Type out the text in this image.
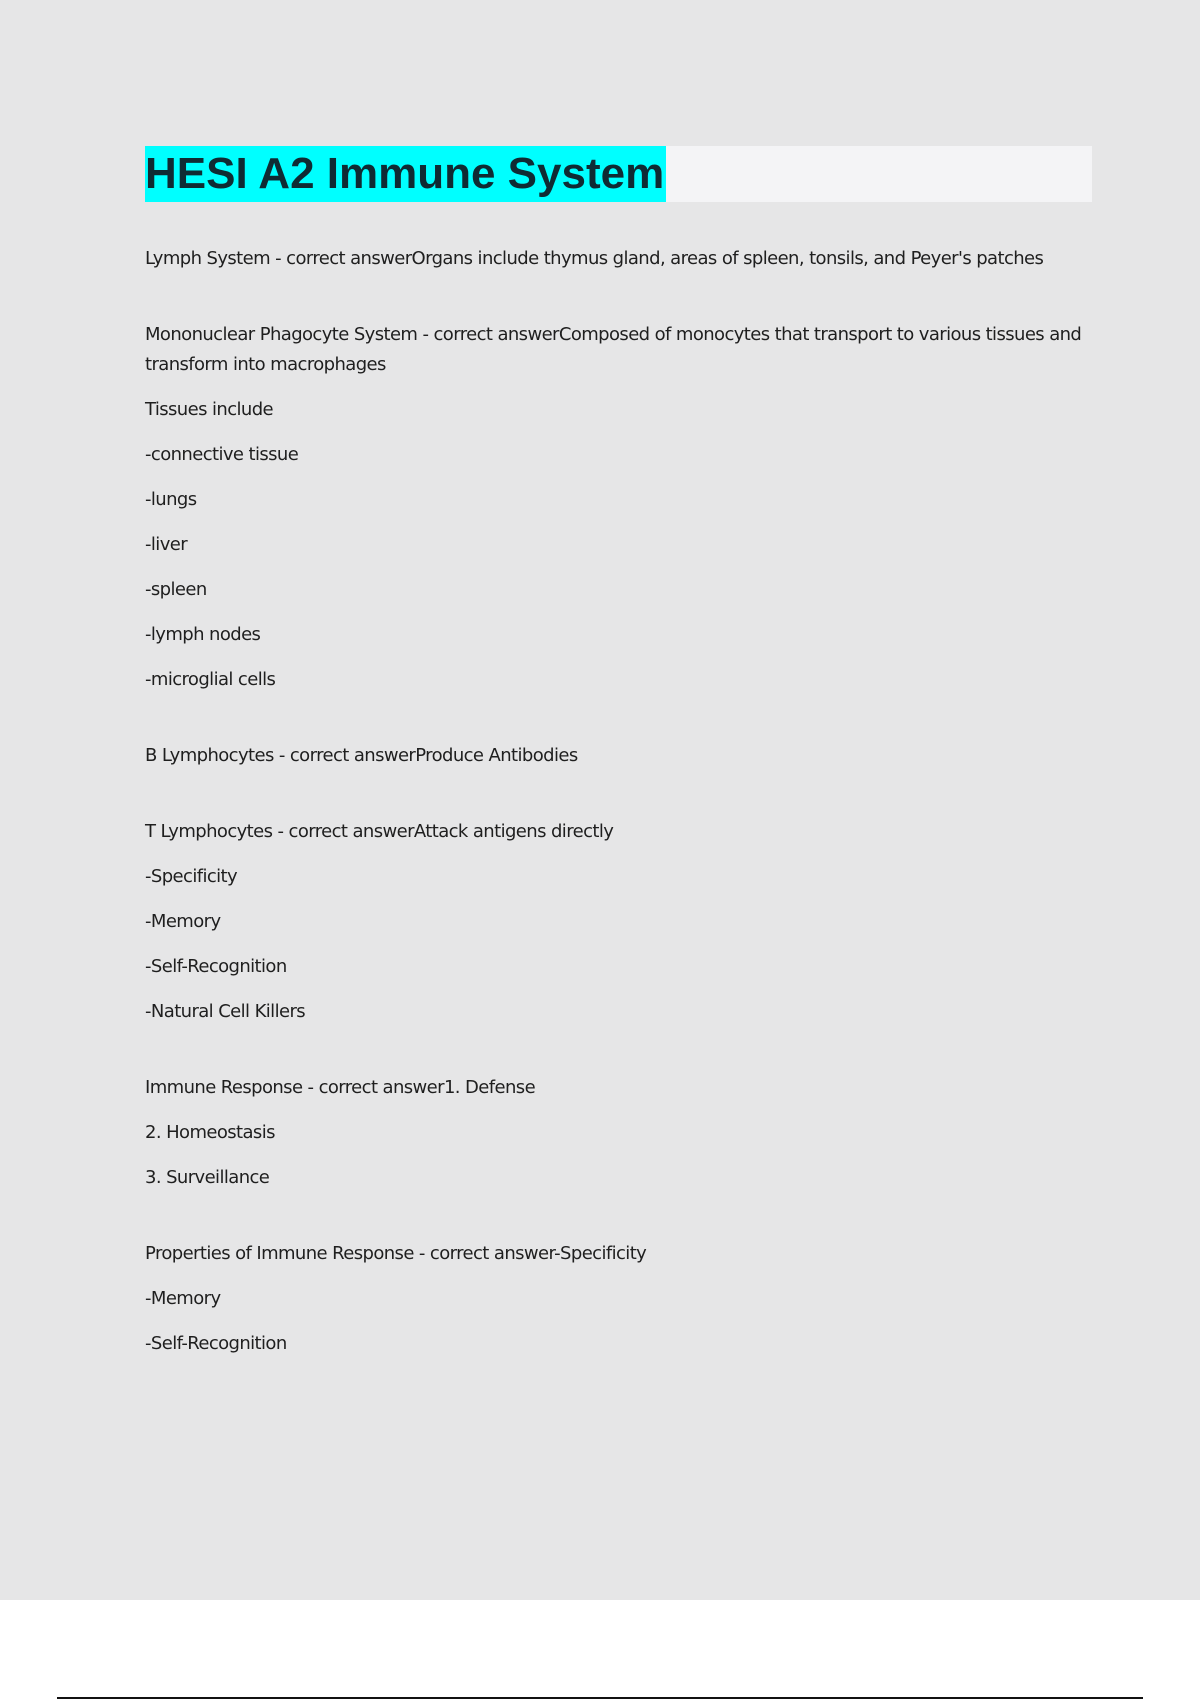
HESI A2 Immune System
Lymph System - correct answerOrgans include thymus gland, areas of spleen, tonsils, and Peyer's patches
Mononuclear Phagocyte System - correct answerComposed of monocytes that transport to various tissues and transform into macrophages
Tissues include
-connective tissue
-lungs
-liver
-spleen
-lymph nodes
-microglial cells
B Lymphocytes - correct answerProduce Antibodies
T Lymphocytes - correct answerAttack antigens directly
-Specificity
-Memory
-Self-Recognition
-Natural Cell Killers
Immune Response - correct answer1. Defense
2. Homeostasis
3. Surveillance
Properties of Immune Response - correct answer-Specificity
-Memory
-Self-Recognition
